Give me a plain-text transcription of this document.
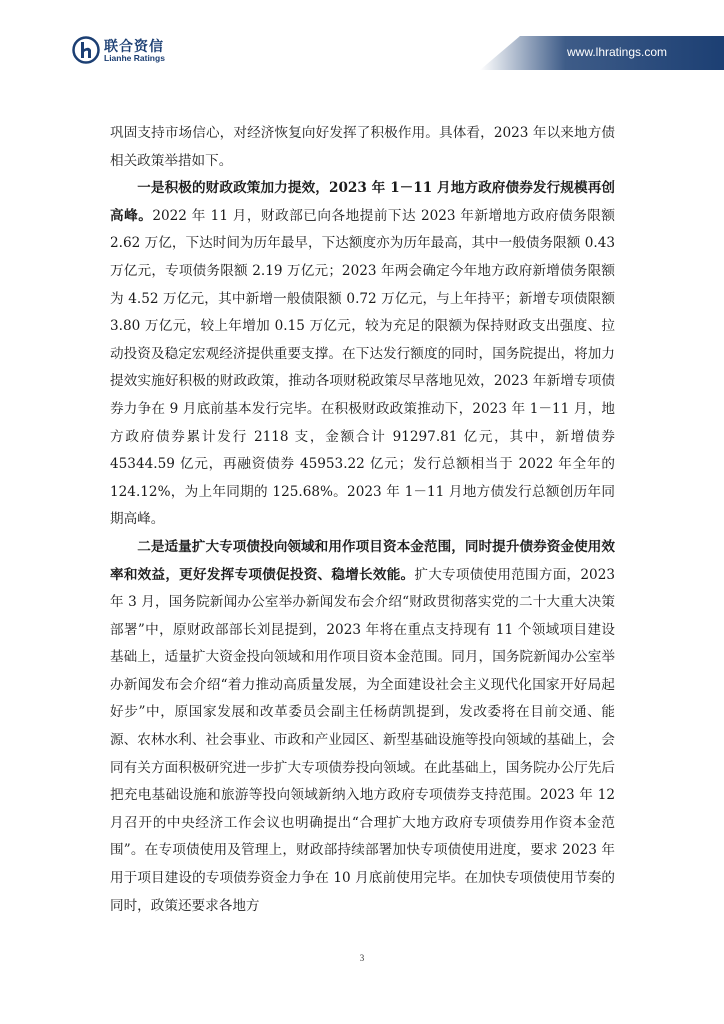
联合资信
Lianhe Ratings	www.lhratings.com

巩固支持市场信心，对经济恢复向好发挥了积极作用。具体看，2023 年以来地方债相关政策举措如下。

一是积极的财政政策加力提效，2023 年 1－11 月地方政府债券发行规模再创高峰。2022 年 11 月，财政部已向各地提前下达 2023 年新增地方政府债务限额 2.62 万亿，下达时间为历年最早，下达额度亦为历年最高，其中一般债务限额 0.43 万亿元，专项债务限额 2.19 万亿元；2023 年两会确定今年地方政府新增债务限额为 4.52 万亿元，其中新增一般债限额 0.72 万亿元，与上年持平；新增专项债限额 3.80 万亿元，较上年增加 0.15 万亿元，较为充足的限额为保持财政支出强度、拉动投资及稳定宏观经济提供重要支撑。在下达发行额度的同时，国务院提出，将加力提效实施好积极的财政政策，推动各项财税政策尽早落地见效，2023 年新增专项债券力争在 9 月底前基本发行完毕。在积极财政政策推动下，2023 年 1－11 月，地方政府债券累计发行 2118 支，金额合计 91297.81 亿元，其中，新增债券 45344.59 亿元，再融资债券 45953.22 亿元；发行总额相当于 2022 年全年的 124.12%，为上年同期的 125.68%。2023 年 1－11 月地方债发行总额创历年同期高峰。

二是适量扩大专项债投向领域和用作项目资本金范围，同时提升债券资金使用效率和效益，更好发挥专项债促投资、稳增长效能。扩大专项债使用范围方面，2023 年 3 月，国务院新闻办公室举办新闻发布会介绍“财政贯彻落实党的二十大重大决策部署”中，原财政部部长刘昆提到，2023 年将在重点支持现有 11 个领域项目建设基础上，适量扩大资金投向领域和用作项目资本金范围。同月，国务院新闻办公室举办新闻发布会介绍“着力推动高质量发展，为全面建设社会主义现代化国家开好局起好步”中，原国家发展和改革委员会副主任杨荫凯提到，发改委将在目前交通、能源、农林水利、社会事业、市政和产业园区、新型基础设施等投向领域的基础上，会同有关方面积极研究进一步扩大专项债券投向领域。在此基础上，国务院办公厅先后把充电基础设施和旅游等投向领域新纳入地方政府专项债券支持范围。2023 年 12 月召开的中央经济工作会议也明确提出“合理扩大地方政府专项债券用作资本金范围”。在专项债使用及管理上，财政部持续部署加快专项债使用进度，要求 2023 年用于项目建设的专项债券资金力争在 10 月底前使用完毕。在加快专项债使用节奏的同时，政策还要求各地方

3
